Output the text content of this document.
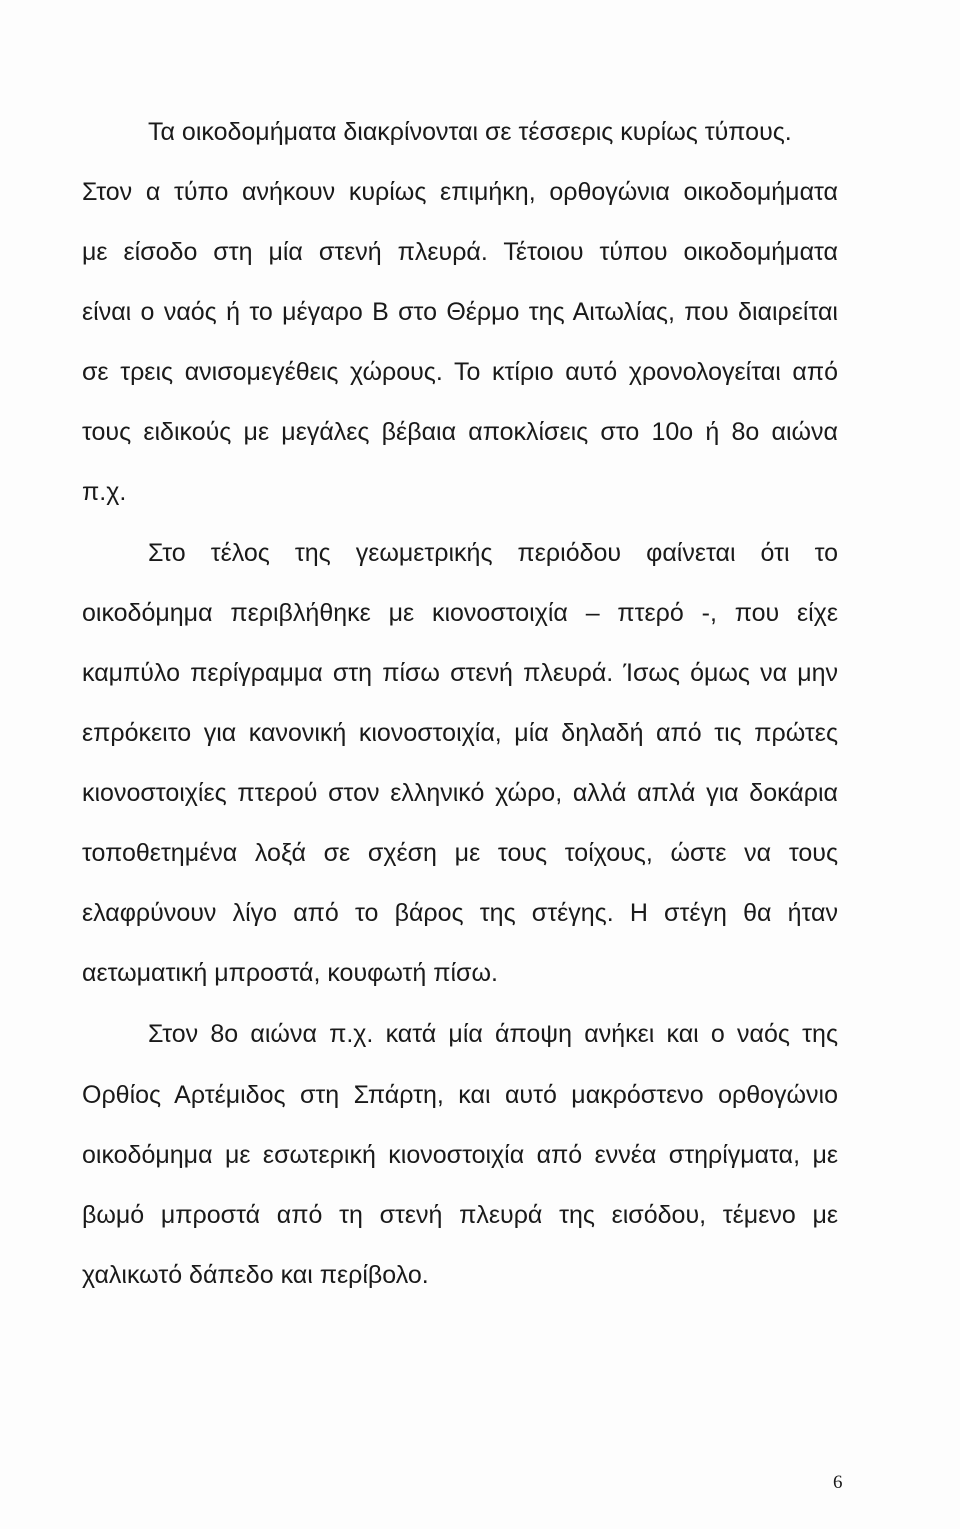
Τα οικοδομήματα διακρίνονται σε τέσσερις κυρίως τύπους.
Στον α τύπο ανήκουν κυρίως επιμήκη, ορθογώνια οικοδομήματα
με είσοδο στη μία στενή πλευρά. Τέτοιου τύπου οικοδομήματα
είναι ο ναός ή το μέγαρο Β στο Θέρμο της Αιτωλίας, που διαιρείται
σε τρεις ανισομεγέθεις χώρους. Το κτίριο αυτό χρονολογείται από
τους ειδικούς με μεγάλες βέβαια αποκλίσεις στο 10ο ή 8ο αιώνα
π.χ.
Στο τέλος της γεωμετρικής περιόδου φαίνεται ότι το
οικοδόμημα περιβλήθηκε με κιονοστοιχία – πτερό -, που είχε
καμπύλο περίγραμμα στη πίσω στενή πλευρά. Ίσως όμως να μην
επρόκειτο για κανονική κιονοστοιχία, μία δηλαδή από τις πρώτες
κιονοστοιχίες πτερού στον ελληνικό χώρο, αλλά απλά για δοκάρια
τοποθετημένα λοξά σε σχέση με τους τοίχους, ώστε να τους
ελαφρύνουν λίγο από το βάρος της στέγης. Η στέγη θα ήταν
αετωματική μπροστά, κουφωτή πίσω.
Στον 8ο αιώνα π.χ. κατά μία άποψη ανήκει και ο ναός της
Ορθίος Αρτέμιδος στη Σπάρτη, και αυτό μακρόστενο ορθογώνιο
οικοδόμημα με εσωτερική κιονοστοιχία από εννέα στηρίγματα, με
βωμό μπροστά από τη στενή πλευρά της εισόδου, τέμενο με
χαλικωτό δάπεδο και περίβολο.
6
